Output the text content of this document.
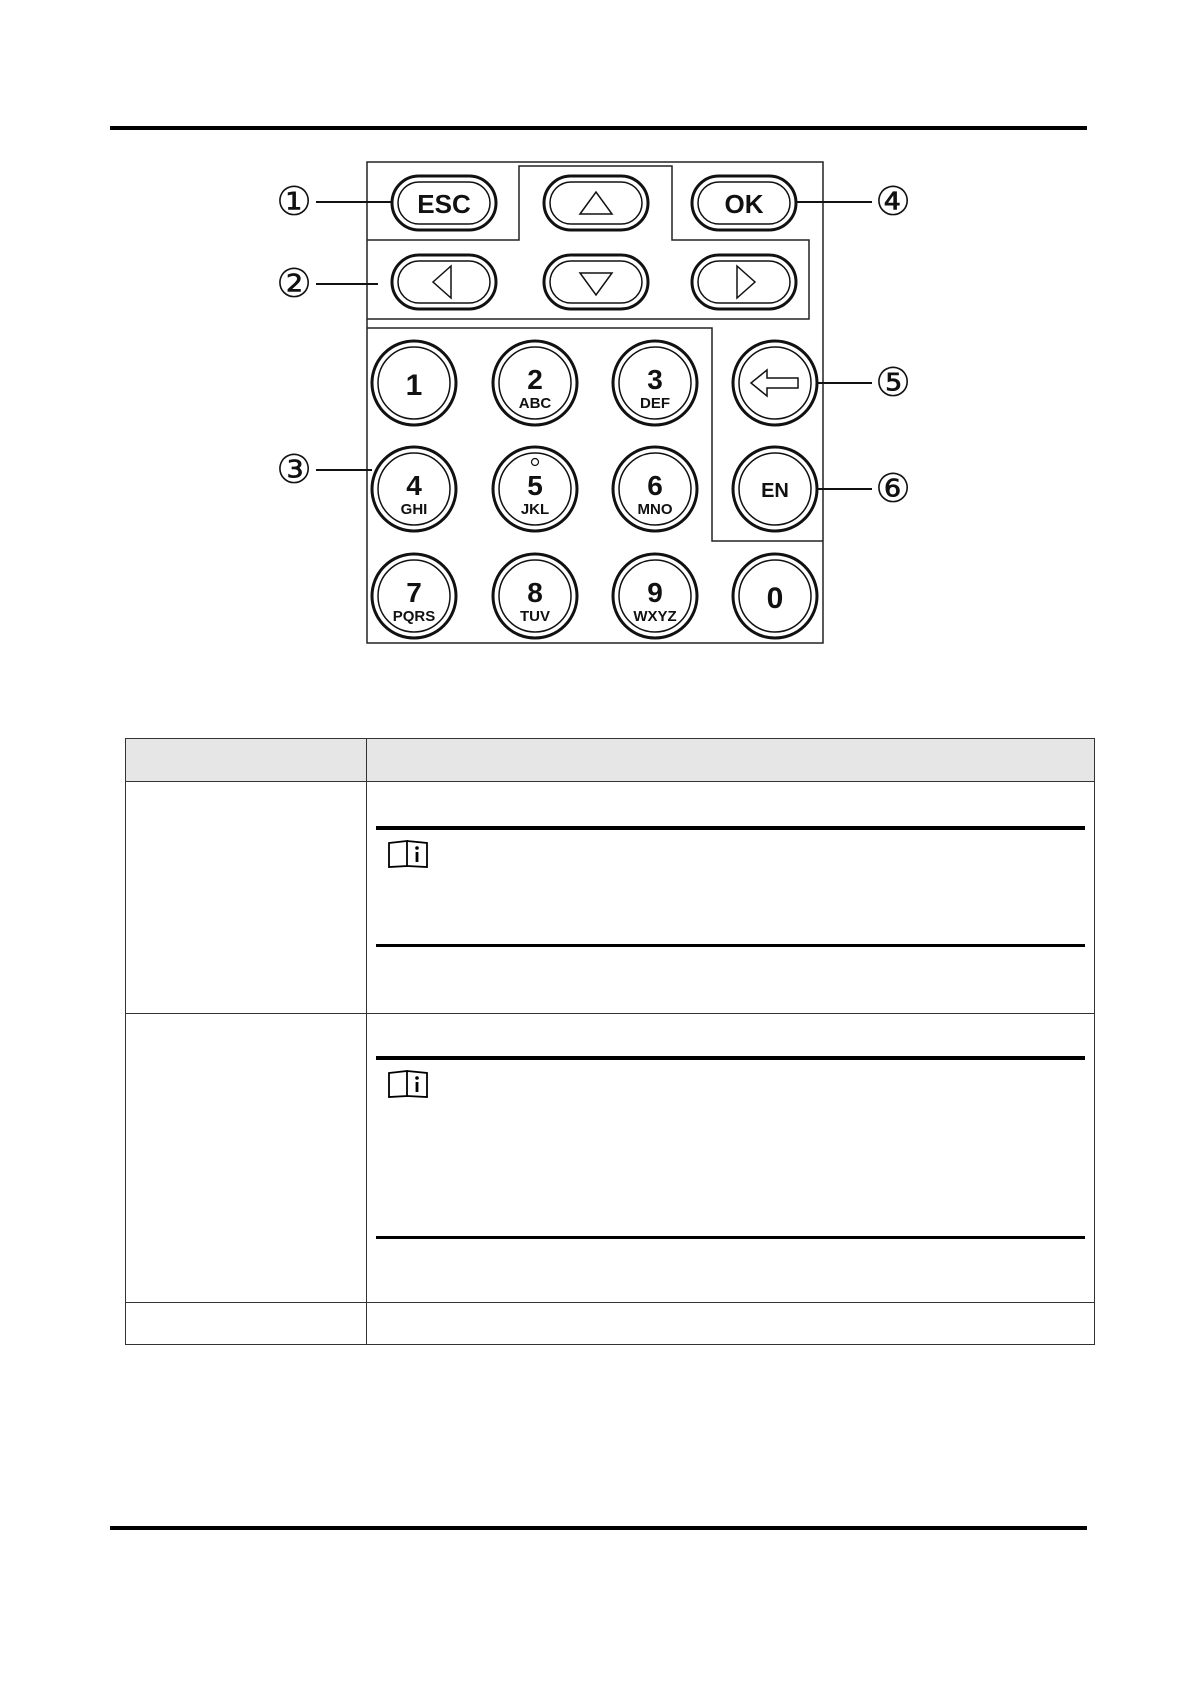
ESC	OK
1	2
ABC
3
DEF
4
GHI
5
JKL
6
MNO
7
PQRS
8
TUV
9
WXYZ
0
EN
①
②
③
④
⑤
⑥
